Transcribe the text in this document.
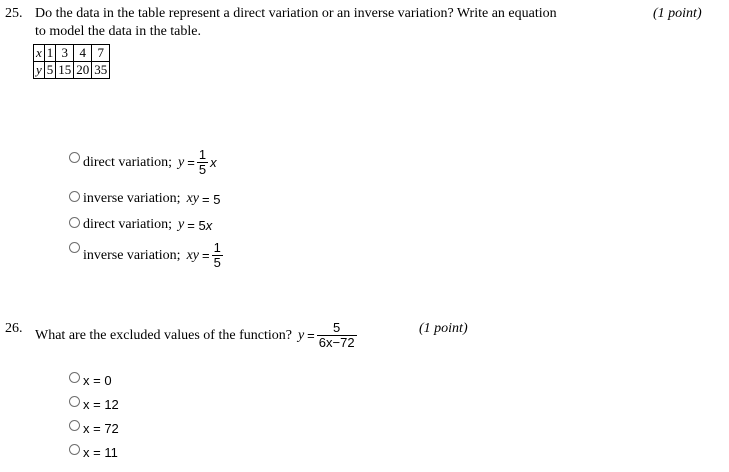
25. Do the data in the table represent a direct variation or an inverse variation? Write an equation	(1 point)
to model the data in the table.
x	1	3	4	7
y	5	15	20	35
direct variation; $y = \frac{1}{5}$ x
inverse variation; xy = 5
direct variation; y = 5 x
inverse variation; xy = $\frac{1}{5}$
26. What are the excluded values of the function? $y = \frac{5}{6x-72}$	(1 point)
x = 0
x = 12
x = 72
x = 11
